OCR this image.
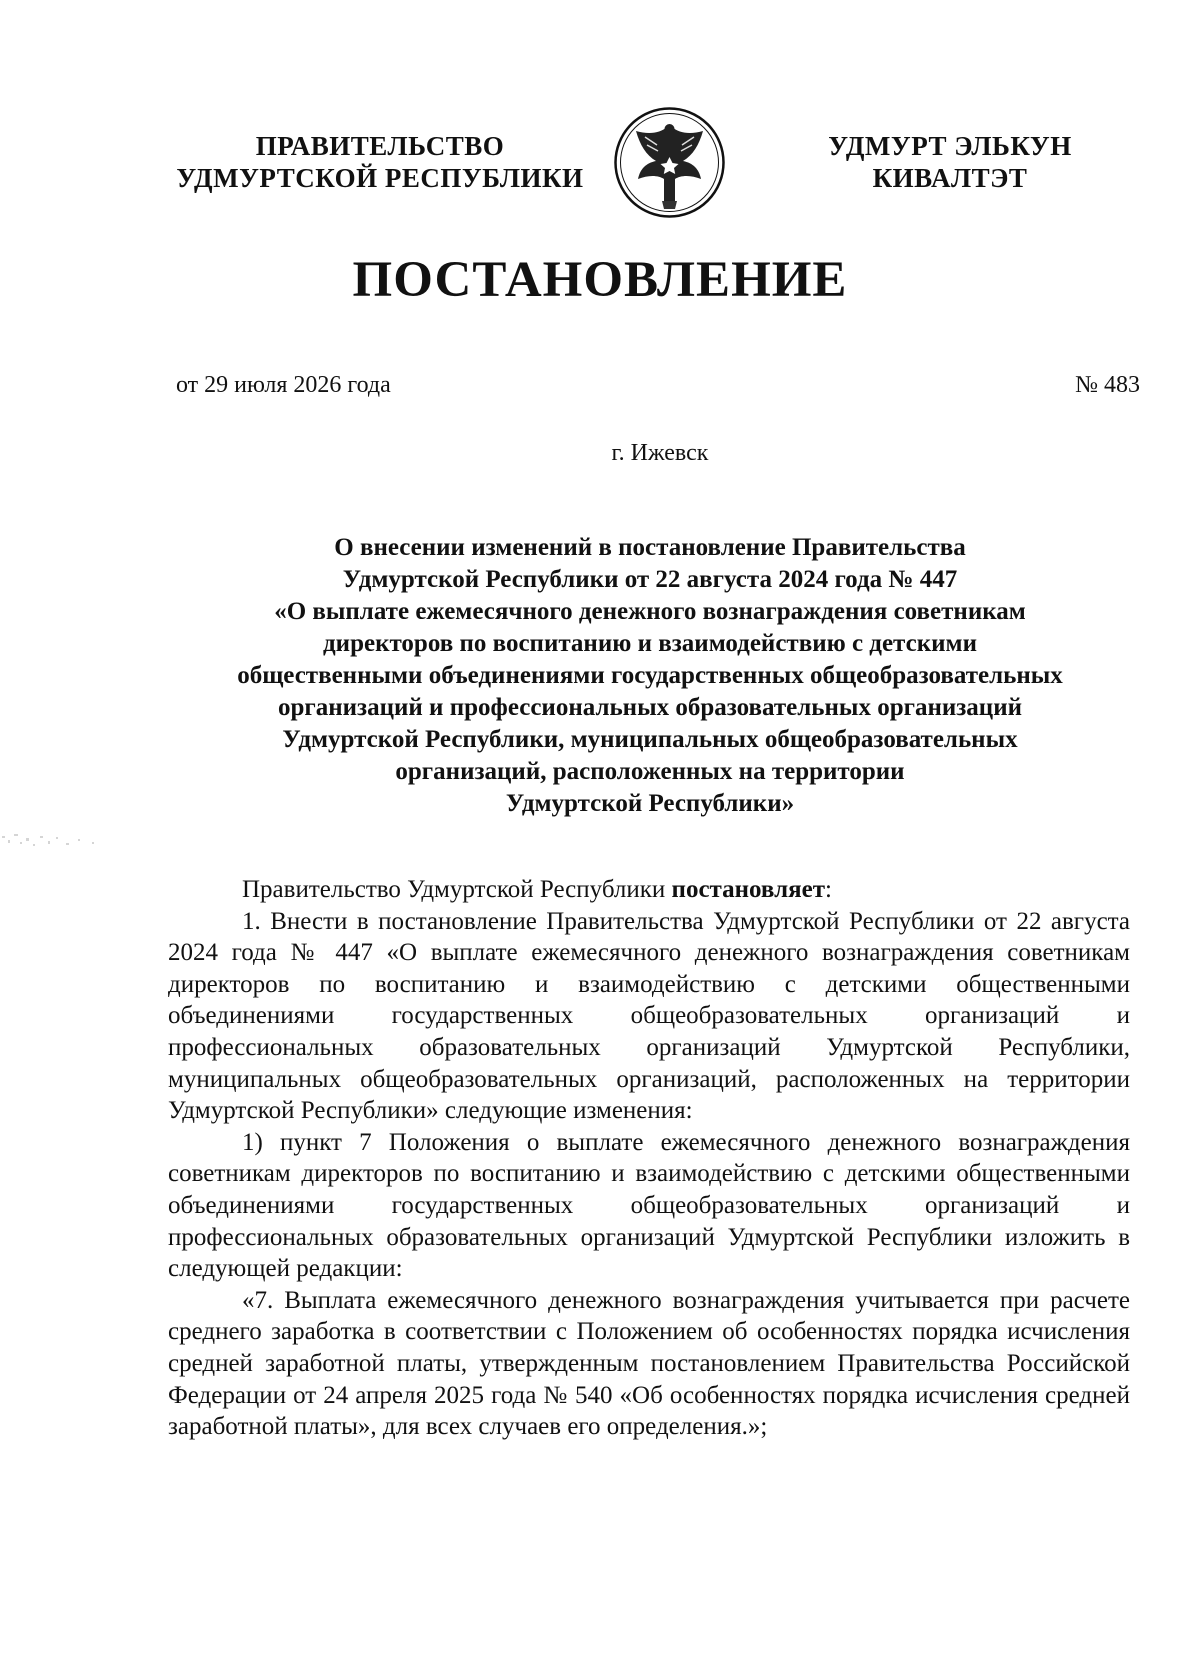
ПРАВИТЕЛЬСТВО
УДМУРТСКОЙ РЕСПУБЛИКИ
УДМУРТ ЭЛЬКУН
КИВАЛТЭТ
ПОСТАНОВЛЕНИЕ
от 29 июля 2026 года	№ 483
г. Ижевск
О внесении изменений в постановление Правительства
Удмуртской Республики от 22 августа 2024 года № 447
«О выплате ежемесячного денежного вознаграждения советникам
директоров по воспитанию и взаимодействию с детскими
общественными объединениями государственных общеобразовательных
организаций и профессиональных образовательных организаций
Удмуртской Республики, муниципальных общеобразовательных
организаций, расположенных на территории
Удмуртской Республики»

Правительство Удмуртской Республики постановляет:

1. Внести в постановление Правительства Удмуртской Республики от 22 августа 2024 года № 447 «О выплате ежемесячного денежного вознаграждения советникам директоров по воспитанию и взаимодействию с детскими общественными объединениями государственных общеобразовательных организаций и профессиональных образовательных организаций Удмуртской Республики, муниципальных общеобразовательных организаций, расположенных на территории Удмуртской Республики» следующие изменения:

1) пункт 7 Положения о выплате ежемесячного денежного вознаграждения советникам директоров по воспитанию и взаимодействию с детскими общественными объединениями государственных общеобразовательных организаций и профессиональных образовательных организаций Удмуртской Республики изложить в следующей редакции:

«7. Выплата ежемесячного денежного вознаграждения учитывается при расчете среднего заработка в соответствии с Положением об особенностях порядка исчисления средней заработной платы, утвержденным постановлением Правительства Российской Федерации от 24 апреля 2025 года № 540 «Об особенностях порядка исчисления средней заработной платы», для всех случаев его определения.»;
